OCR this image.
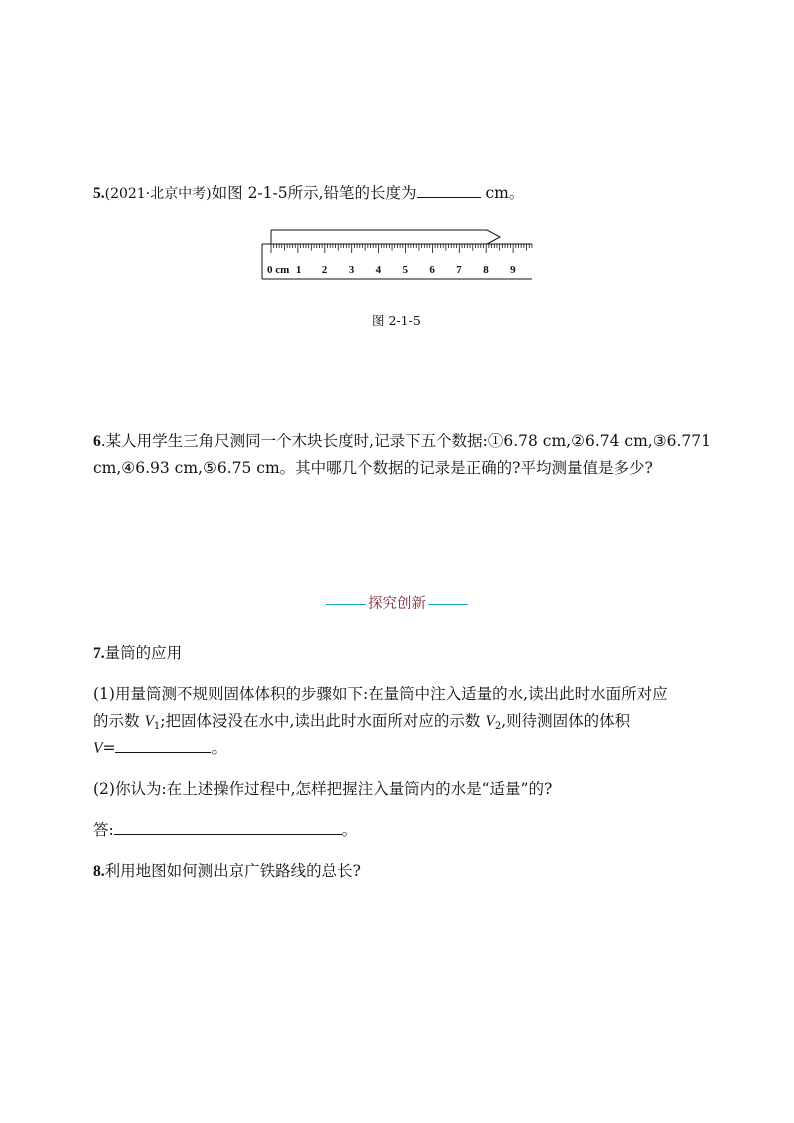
5.(2021·北京中考)如图 2-1-5所示,铅笔的长度为	cm。
0 cm 1 2 3 4 5 6 7 8 9
图 2-1-5
6.某人用学生三角尺测同一个木块长度时,记录下五个数据:①6.78 cm,②6.74 cm,③6.771
cm,④6.93 cm,⑤6.75 cm。其中哪几个数据的记录是正确的?平均测量值是多少?
探究创新
7.量筒的应用
(1)用量筒测不规则固体体积的步骤如下:在量筒中注入适量的水,读出此时水面所对应
的示数 $V_1$;把固体浸没在水中,读出此时水面所对应的示数 $V_2$,则待测固体的体积
V=	。
(2)你认为:在上述操作过程中,怎样把握注入量筒内的水是“适量”的?
答:	。
8.利用地图如何测出京广铁路线的总长?
